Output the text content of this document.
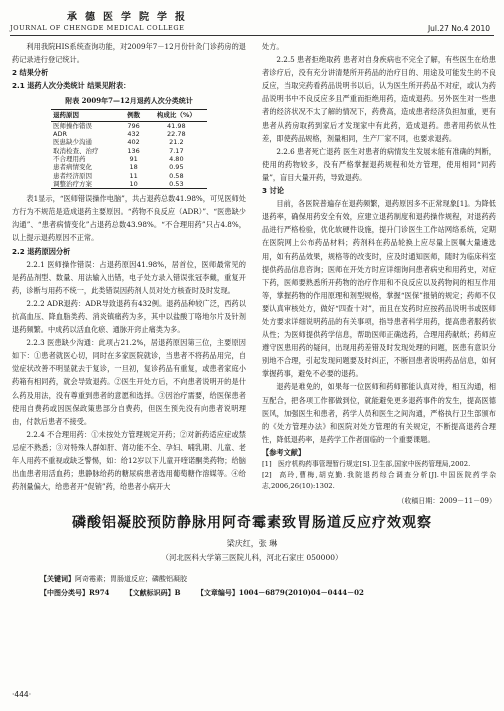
承德医学院学报
JOURNAL OF CHENGDE MEDICAL COLLEGE	Jul.27 No.4 2010

利用我院HIS系统查询功能，对2009年7－12月份针灸门诊药房的退药记录进行登记统计。

2 结果分析

2.1 退药人次分类统计 结果见附表：

附表 2009年7—12月退药人次分类统计
退药原因	例数	构成比（%）
医师操作错误	796	41.98
ADR	432	22.78
医患缺少沟通	402	21.2
取消检查、治疗	136	7.17
不合理用药	91	4.80
患者病情变化	18	0.95
患者经济原因	11	0.58
调整治疗方案	10	0.53

表1显示，“医师错误操作电脑”，共占退药总数41.98%，可见医师处方行为不规范是造成退药主要原因。“药物不良反应（ADR）”、“医患缺少沟通”、“患者病情变化”占退药总数43.98%。“不合理用药”只占4.8%，以上提示退药原因不正常。

2.2 退药原因分析

2.2.1 医师操作错误：占退药原因41.98%，居首位，医师最常见的是药品剂型、数量、用法输入出错，电子处方录入错误张冠李戴，重复开药，诊断与用药不统一，此类错误因药剂人员对处方核查时及时发现。

2.2.2 ADR退药：ADR导致退药有432例。退药品种较广泛，西药以抗高血压、降血脂类药、消炎镇痛药为多，其中以盐酸丁咯地尔片及针剂退药频繁。中成药以活血化瘀、通脉开窍止痛类为多。

2.2.3 医患缺少沟通：此项占21.2%，居退药原因第三位，主要原因如下：①患者就医心切，同时在多家医院就诊，当患者不将药品用完，自觉症状改善不明显就去于复诊，一旦初，复诊药品有重复，或患者家庭小药箱有相同药，就会导致退药。②医生开处方后，不向患者说明开的是什么药及用法，没有尊重到患者的意愿和选择。③因治疗需要，给医保患者使用自费药或因医保政策患部分自费药，但医生预先没有向患者说明理由，付款后患者不接受。

2.2.4 不合理用药：①未按处方管理规定开药；②对新药适应症或禁忌症不熟悉；③对特殊人群如肝、肾功能不全、孕妇、哺乳期、儿童、老年人用药不重视或缺乏警惕，如：给12岁以下儿童开喹诺酮类药物；给脑出血患者用活血药；患静脉给药的糖尿病患者选用葡萄糖作溶媒等。④给药剂量偏大，给患者开“促销”药，给患者小病开大

处方。

2.2.5 患者拒绝取药 患者对自身疾病也不完全了解，有些医生在给患者诊疗后，没有充分讲清楚所开药品的治疗目的、用途及可能发生的不良反应，当取完药看药品说明书以后，认为医生所开药品不对症，或认为药品说明书中不良反应多且严重而拒绝用药，造成退药。另外医生对一些患者的经济状况不太了解的情况下，药费高，造成患者经济负担加重，更有患者从药房取药到家后才发现家中有此药，造成退药。患者用药依从性差，即使药品规格，剂量相同，生产厂家不同，也要求退药。

2.2.6 患者死亡退药 医生对患者的病情发生发展未能有准确的判断，使用的药物较多，没有严格掌握退药规程和处方管理，使用相同“同药量”，盲目大量开药，导致退药。

3 讨论

目前，各医院普遍存在退药频繁，退药原因多不正常现象[1]。为降低退药率，确保用药安全有效，应建立退药制度和退药操作规程，对退药药品进行严格检验，优化软硬件设施，提升门诊医生工作站网络系统，定期在医院网上公布药品材料；药剂科在药品轮换上应尽量上医嘱大量遴选用，如有药品效果，规格等的改变时，应及时通知医师，随时为临床科室提供药品信息咨询；医师在开处方时应详细询问患者病史和用药史，对症下药，医师要熟悉所开药物的治疗作用和不良反应以及药物间的相互作用等，掌握药物的作用原理和剂型规格，掌握“医保”报销的规定；药师不仅要认真审核处方，做好“四查十对”，而且在发药时应按药品说明书或医师处方要求详细说明药品的有关事项，指导患者科学用药，提高患者服药依从性；为医师提供药学信息，帮助医师正确选药，合理用药献纸；药师应遵守医患用药的疑问，出现用药差错及时发现处理的问题，医患有意识分别地不合理，引起发现问题要及时纠正，不断回患者说明药品信息，如何掌握药事，避免不必要的退药。

退药是难免的，如果每一位医师和药师都能认真对待，相互沟通，相互配合，把各项工作都做到位，就能避免更多退药事件的发生，提高医德医风，加强医生和患者，药学人员和医生之间沟通，严格执行卫生部颁布的《处方管理办法》和医院对处方管理的有关规定，不断提高退药合理性，降低退药率，是药学工作者面临的一个重要课题。

【参考文献】

[1] 医疗机构药事管理暂行规定[S].卫生部,国家中医药管理局,2002.
[2] 高玲,曹梅,胡克勤.我院退药综合调查分析[J].中国医院药学杂志,2006,26(10):1302.
（收稿日期：2009－11－09）
磷酸铝凝胶预防静脉用阿奇霉素致胃肠道反应疗效观察
梁庆红，张 琳
（河北医科大学第三医院儿科，河北石家庄 050000）
【关键词】阿奇霉素；胃肠道反应；磷酸铝凝胶
【中图分类号】R974 【文献标识码】B 【文章编号】1004－6879(2010)04－0444－02
·444·
